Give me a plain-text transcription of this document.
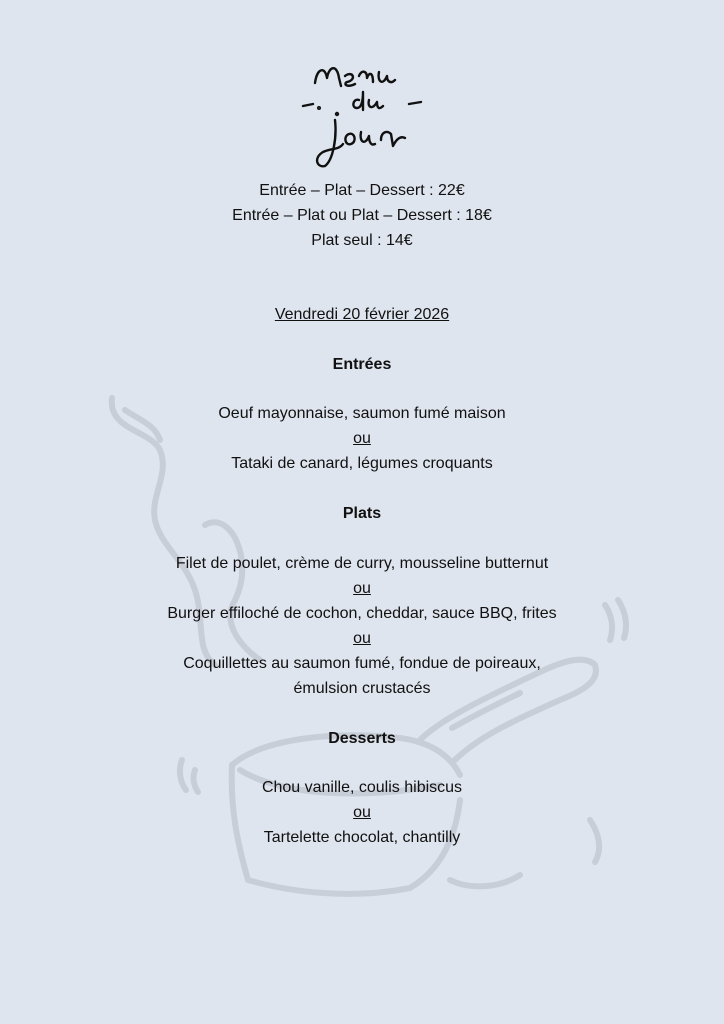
Entrée – Plat – Dessert : 22€
Entrée – Plat ou Plat – Dessert : 18€
Plat seul : 14€
Vendredi 20 février 2026
Entrées
Oeuf mayonnaise, saumon fumé maison
ou
Tataki de canard, légumes croquants
Plats
Filet de poulet, crème de curry, mousseline butternut
ou
Burger effiloché de cochon, cheddar, sauce BBQ, frites
ou
Coquillettes au saumon fumé, fondue de poireaux,
émulsion crustacés
Desserts
Chou vanille, coulis hibiscus
ou
Tartelette chocolat, chantilly
